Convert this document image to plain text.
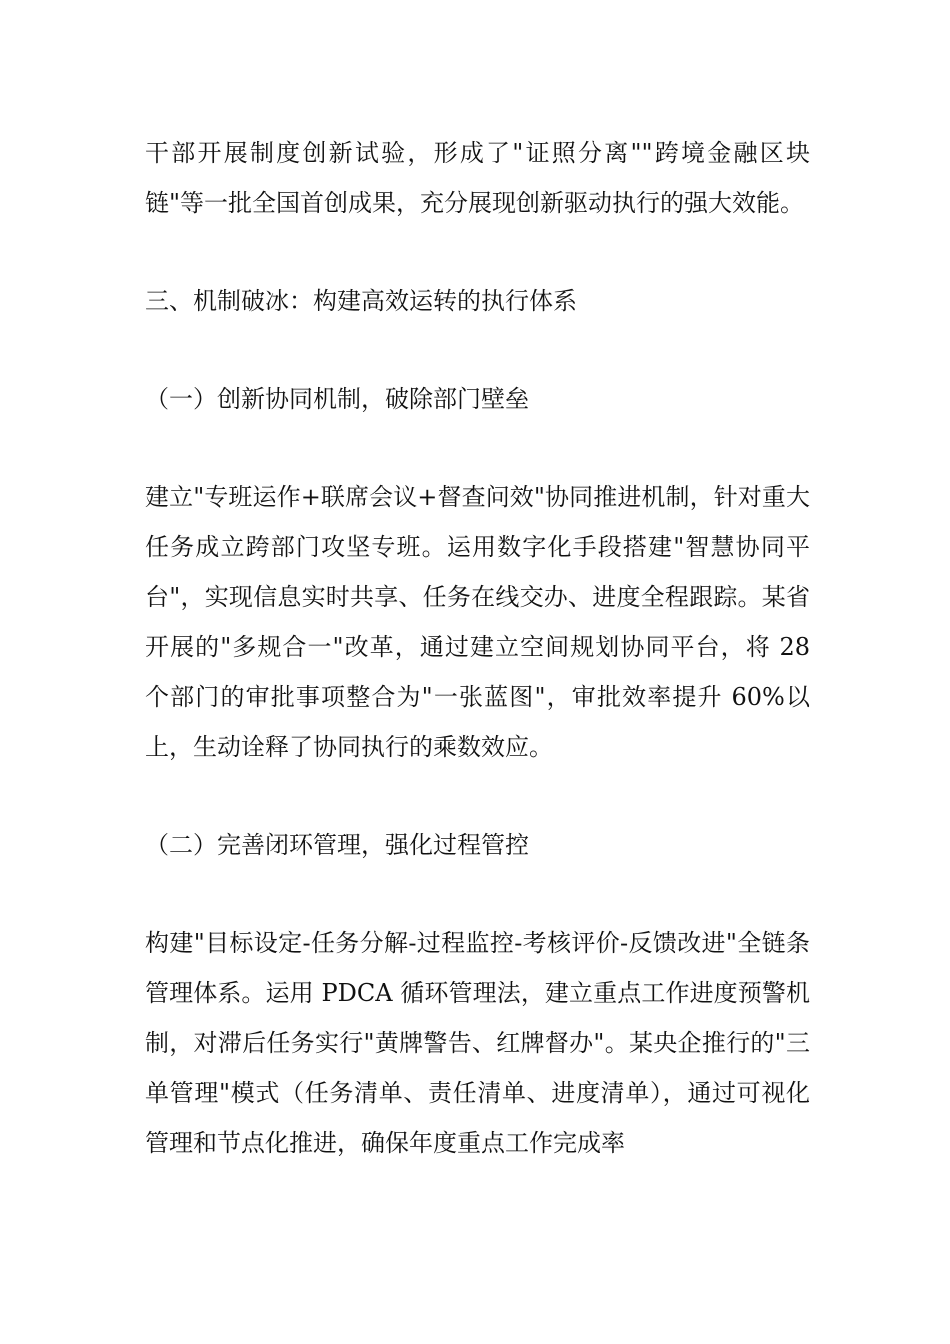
干部开展制度创新试验，形成了"证照分离""跨境金融区块链"等一批全国首创成果，充分展现创新驱动执行的强大效能。

三、机制破冰：构建高效运转的执行体系

（一）创新协同机制，破除部门壁垒

建立"专班运作+联席会议+督查问效"协同推进机制，针对重大任务成立跨部门攻坚专班。运用数字化手段搭建"智慧协同平台"，实现信息实时共享、任务在线交办、进度全程跟踪。某省开展的"多规合一"改革，通过建立空间规划协同平台，将 28 个部门的审批事项整合为"一张蓝图"，审批效率提升 60%以上，生动诠释了协同执行的乘数效应。

（二）完善闭环管理，强化过程管控

构建"目标设定-任务分解-过程监控-考核评价-反馈改进"全链条管理体系。运用 PDCA 循环管理法，建立重点工作进度预警机制，对滞后任务实行"黄牌警告、红牌督办"。某央企推行的"三单管理"模式（任务清单、责任清单、进度清单），通过可视化管理和节点化推进，确保年度重点工作完成率
